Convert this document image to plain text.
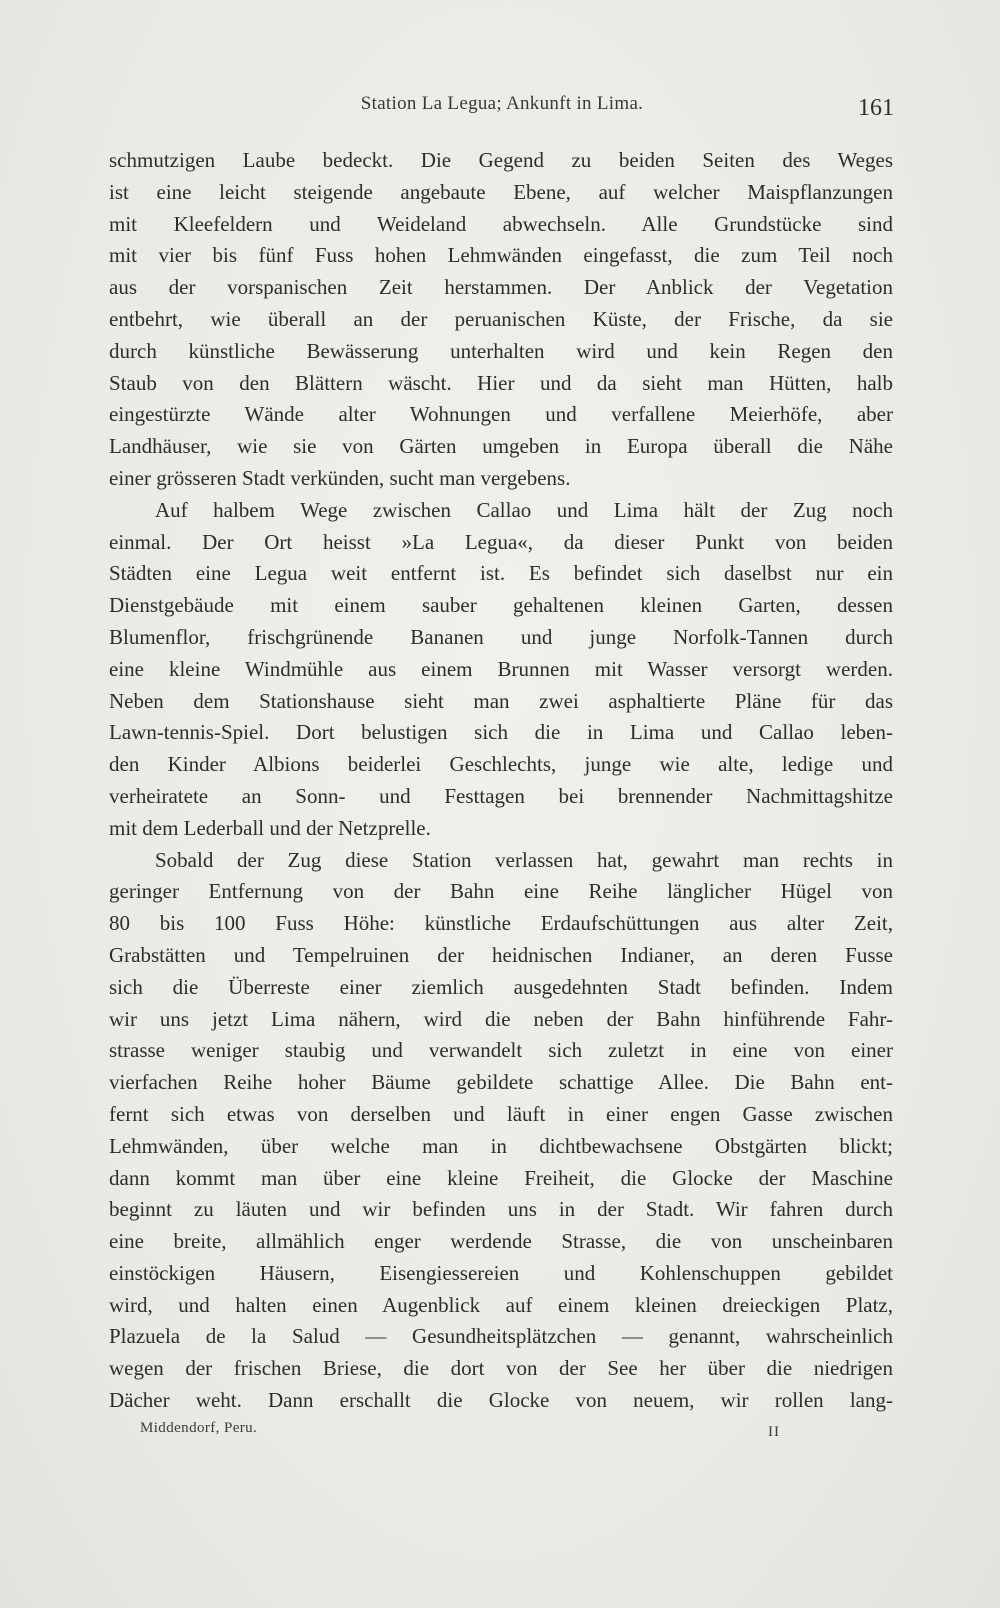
Station La Legua; Ankunft in Lima.	161
schmutzigen Laube bedeckt. Die Gegend zu beiden Seiten des Weges
ist eine leicht steigende angebaute Ebene, auf welcher Maispflanzungen
mit Kleefeldern und Weideland abwechseln. Alle Grundstücke sind
mit vier bis fünf Fuss hohen Lehmwänden eingefasst, die zum Teil noch
aus der vorspanischen Zeit herstammen. Der Anblick der Vegetation
entbehrt, wie überall an der peruanischen Küste, der Frische, da sie
durch künstliche Bewässerung unterhalten wird und kein Regen den
Staub von den Blättern wäscht. Hier und da sieht man Hütten, halb
eingestürzte Wände alter Wohnungen und verfallene Meierhöfe, aber
Landhäuser, wie sie von Gärten umgeben in Europa überall die Nähe
einer grösseren Stadt verkünden, sucht man vergebens.
Auf halbem Wege zwischen Callao und Lima hält der Zug noch
einmal. Der Ort heisst »La Legua«, da dieser Punkt von beiden
Städten eine Legua weit entfernt ist. Es befindet sich daselbst nur ein
Dienstgebäude mit einem sauber gehaltenen kleinen Garten, dessen
Blumenflor, frischgrünende Bananen und junge Norfolk-Tannen durch
eine kleine Windmühle aus einem Brunnen mit Wasser versorgt werden.
Neben dem Stationshause sieht man zwei asphaltierte Pläne für das
Lawn-tennis-Spiel. Dort belustigen sich die in Lima und Callao leben-
den Kinder Albions beiderlei Geschlechts, junge wie alte, ledige und
verheiratete an Sonn- und Festtagen bei brennender Nachmittagshitze
mit dem Lederball und der Netzprelle.
Sobald der Zug diese Station verlassen hat, gewahrt man rechts in
geringer Entfernung von der Bahn eine Reihe länglicher Hügel von
80 bis 100 Fuss Höhe: künstliche Erdaufschüttungen aus alter Zeit,
Grabstätten und Tempelruinen der heidnischen Indianer, an deren Fusse
sich die Überreste einer ziemlich ausgedehnten Stadt befinden. Indem
wir uns jetzt Lima nähern, wird die neben der Bahn hinführende Fahr-
strasse weniger staubig und verwandelt sich zuletzt in eine von einer
vierfachen Reihe hoher Bäume gebildete schattige Allee. Die Bahn ent-
fernt sich etwas von derselben und läuft in einer engen Gasse zwischen
Lehmwänden, über welche man in dichtbewachsene Obstgärten blickt;
dann kommt man über eine kleine Freiheit, die Glocke der Maschine
beginnt zu läuten und wir befinden uns in der Stadt. Wir fahren durch
eine breite, allmählich enger werdende Strasse, die von unscheinbaren
einstöckigen Häusern, Eisengiessereien und Kohlenschuppen gebildet
wird, und halten einen Augenblick auf einem kleinen dreieckigen Platz,
Plazuela de la Salud — Gesundheitsplätzchen — genannt, wahrscheinlich
wegen der frischen Briese, die dort von der See her über die niedrigen
Dächer weht. Dann erschallt die Glocke von neuem, wir rollen lang-
Middendorf, Peru.	II
